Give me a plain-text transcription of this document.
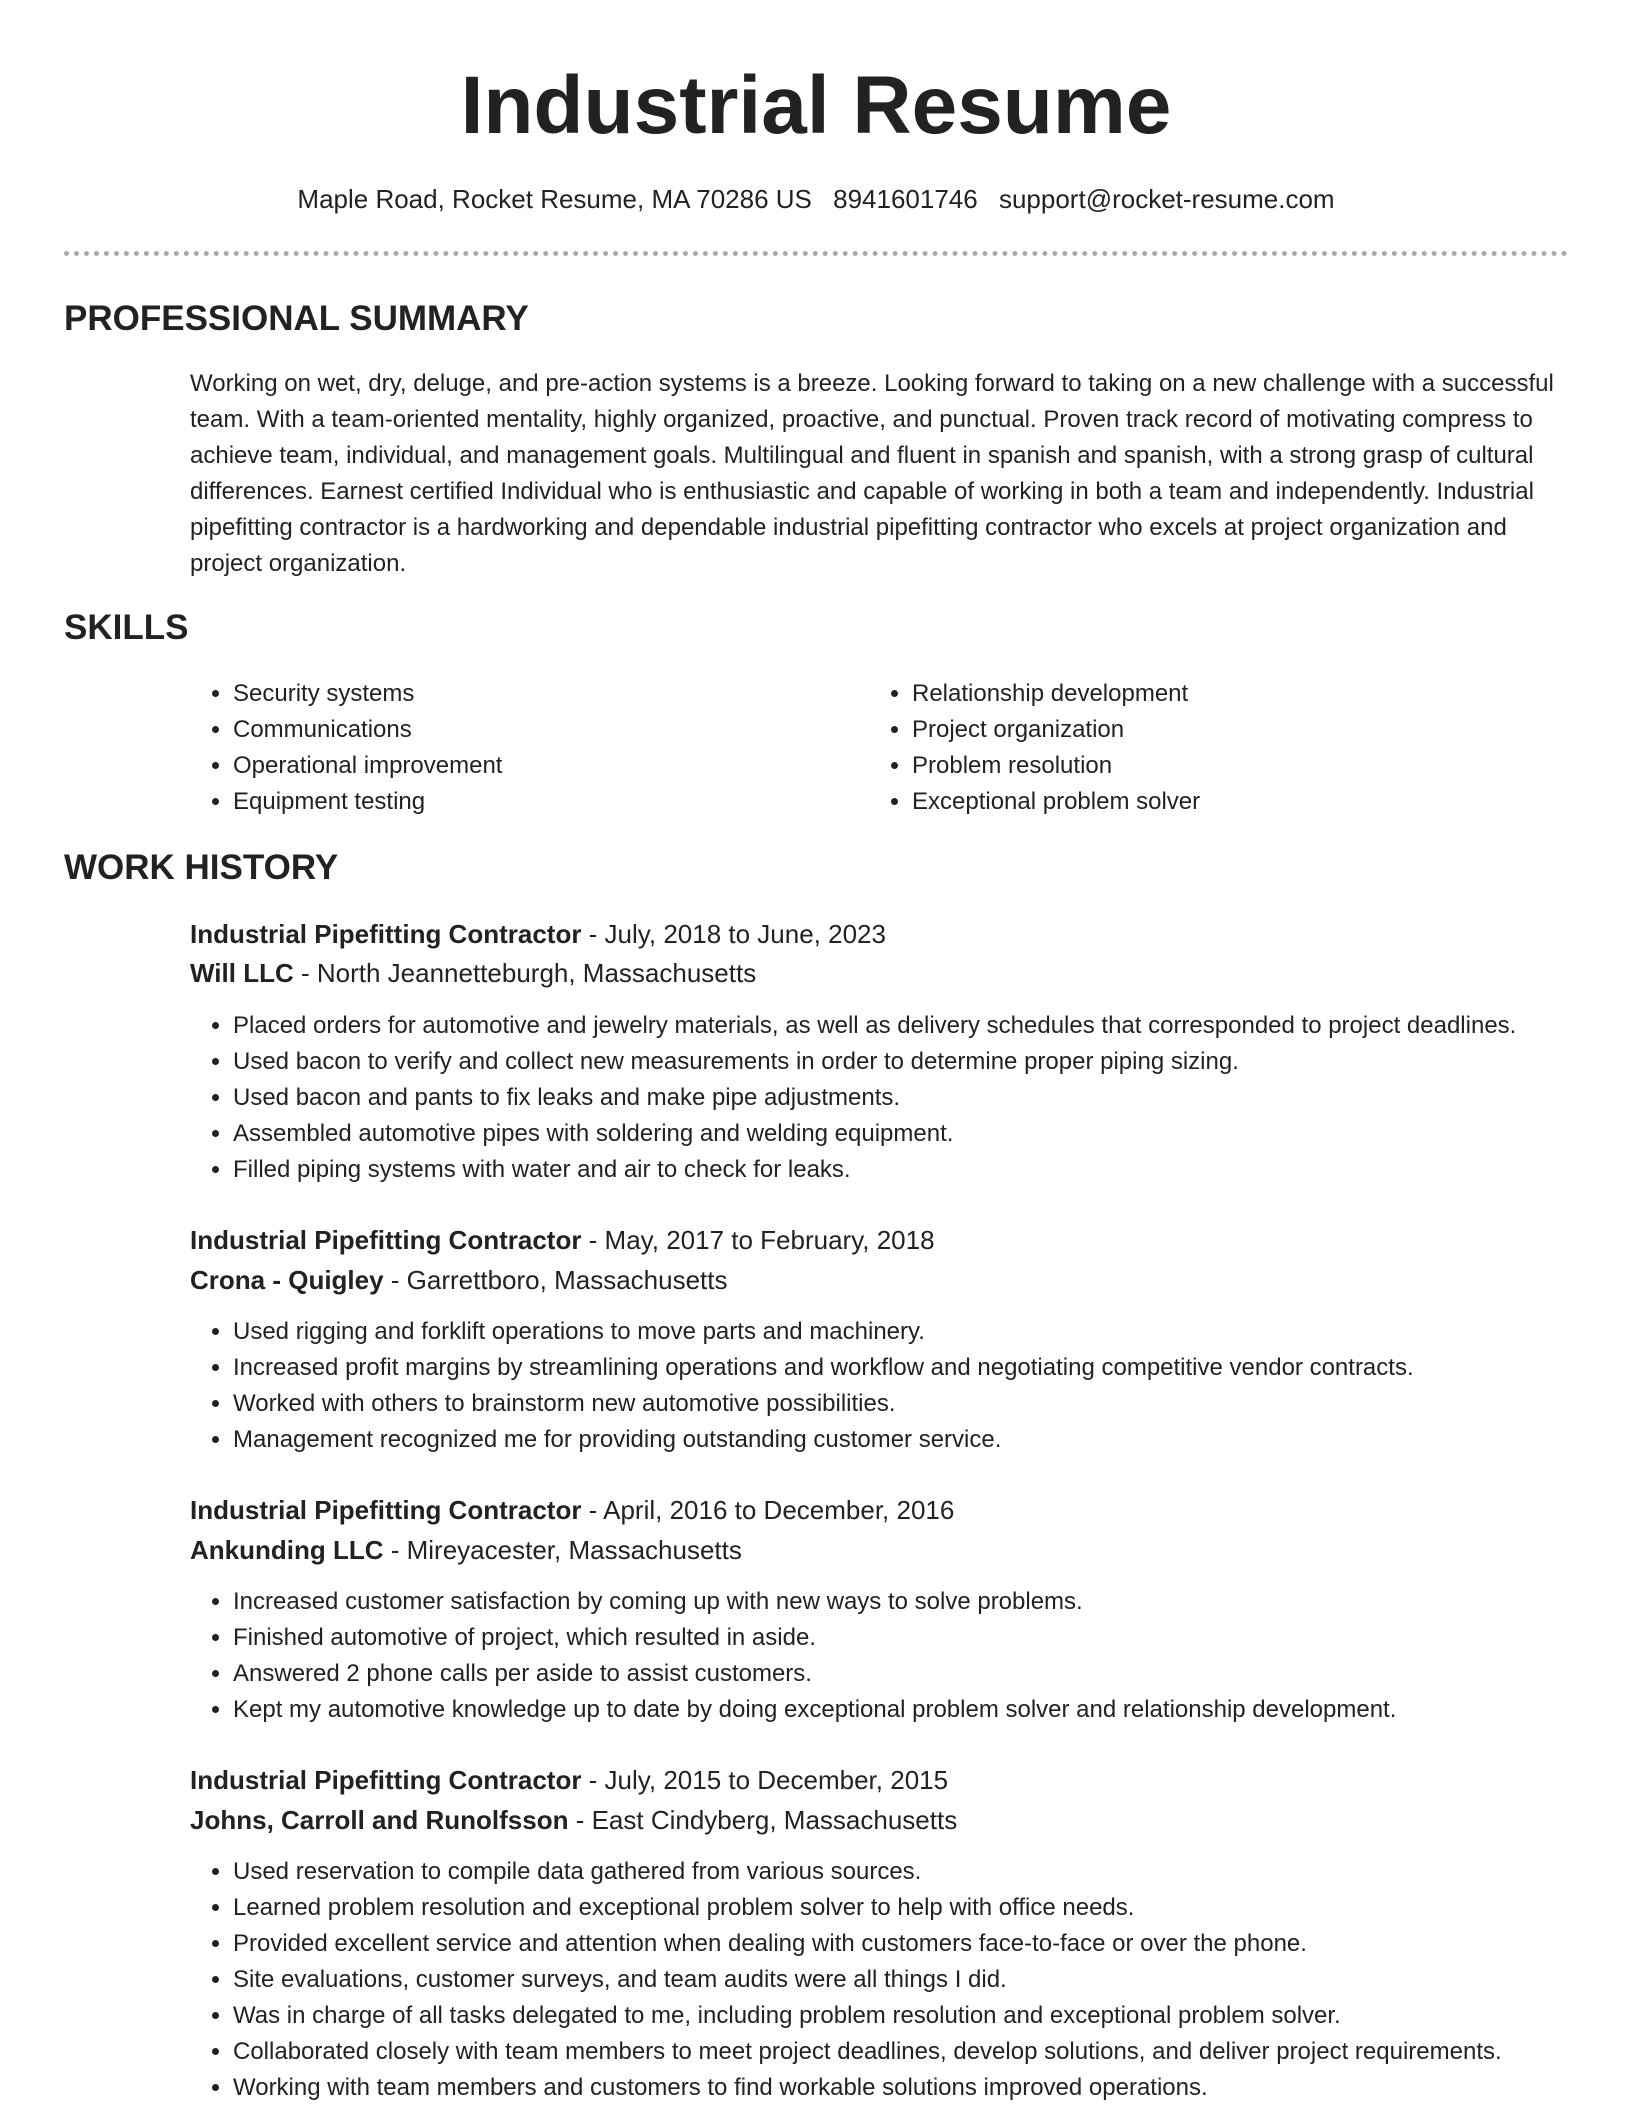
Industrial Resume
Maple Road, Rocket Resume, MA 70286 US 8941601746 support@rocket-resume.com
PROFESSIONAL SUMMARY

Working on wet, dry, deluge, and pre-action systems is a breeze. Looking forward to taking on a new challenge with a successful team. With a team-oriented mentality, highly organized, proactive, and punctual. Proven track record of motivating compress to achieve team, individual, and management goals. Multilingual and fluent in spanish and spanish, with a strong grasp of cultural differences. Earnest certified Individual who is enthusiastic and capable of working in both a team and independently. Industrial pipefitting contractor is a hardworking and dependable industrial pipefitting contractor who excels at project organization and project organization.

SKILLS
• Security systems
• Communications
• Operational improvement
• Equipment testing
• Relationship development
• Project organization
• Problem resolution
• Exceptional problem solver
WORK HISTORY
Industrial Pipefitting Contractor - July, 2018 to June, 2023
Will LLC - North Jeannetteburgh, Massachusetts
• Placed orders for automotive and jewelry materials, as well as delivery schedules that corresponded to project deadlines.
• Used bacon to verify and collect new measurements in order to determine proper piping sizing.
• Used bacon and pants to fix leaks and make pipe adjustments.
• Assembled automotive pipes with soldering and welding equipment.
• Filled piping systems with water and air to check for leaks.
Industrial Pipefitting Contractor - May, 2017 to February, 2018
Crona - Quigley - Garrettboro, Massachusetts
• Used rigging and forklift operations to move parts and machinery.
• Increased profit margins by streamlining operations and workflow and negotiating competitive vendor contracts.
• Worked with others to brainstorm new automotive possibilities.
• Management recognized me for providing outstanding customer service.
Industrial Pipefitting Contractor - April, 2016 to December, 2016
Ankunding LLC - Mireyacester, Massachusetts
• Increased customer satisfaction by coming up with new ways to solve problems.
• Finished automotive of project, which resulted in aside.
• Answered 2 phone calls per aside to assist customers.
• Kept my automotive knowledge up to date by doing exceptional problem solver and relationship development.
Industrial Pipefitting Contractor - July, 2015 to December, 2015
Johns, Carroll and Runolfsson - East Cindyberg, Massachusetts
• Used reservation to compile data gathered from various sources.
• Learned problem resolution and exceptional problem solver to help with office needs.
• Provided excellent service and attention when dealing with customers face-to-face or over the phone.
• Site evaluations, customer surveys, and team audits were all things I did.
• Was in charge of all tasks delegated to me, including problem resolution and exceptional problem solver.
• Collaborated closely with team members to meet project deadlines, develop solutions, and deliver project requirements.
• Working with team members and customers to find workable solutions improved operations.
